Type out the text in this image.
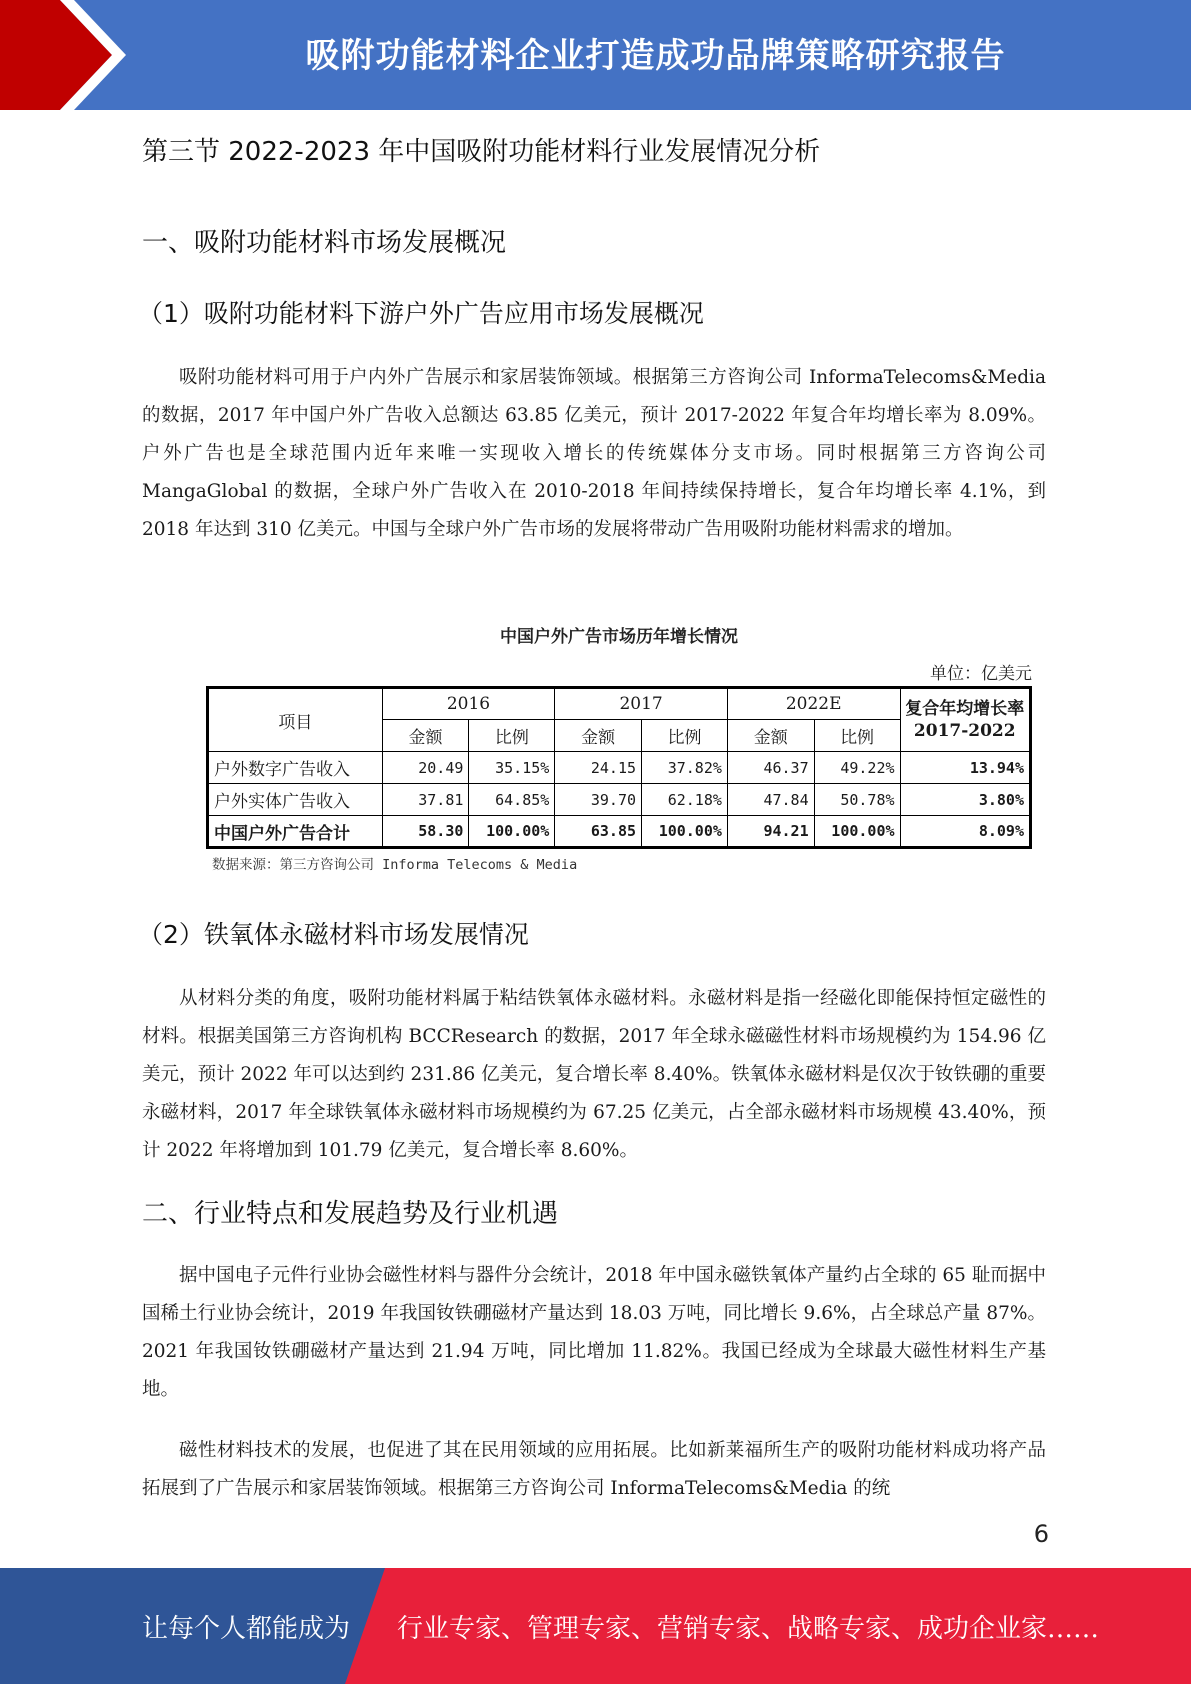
吸附功能材料企业打造成功品牌策略研究报告
第三节 2022-2023 年中国吸附功能材料行业发展情况分析
一、吸附功能材料市场发展概况
（1）吸附功能材料下游户外广告应用市场发展概况
吸附功能材料可用于户内外广告展示和家居装饰领域。根据第三方咨询公司 InformaTelecoms&Media 的数据，2017 年中国户外广告收入总额达 63.85 亿美元，预计 2017-2022 年复合年均增长率为 8.09%。户外广告也是全球范围内近年来唯一实现收入增长的传统媒体分支市场。同时根据第三方咨询公司 MangaGlobal 的数据，全球户外广告收入在 2010-2018 年间持续保持增长，复合年均增长率 4.1%，到 2018 年达到 310 亿美元。中国与全球户外广告市场的发展将带动广告用吸附功能材料需求的增加。
中国户外广告市场历年增长情况
单位：亿美元
项目	2016		2017		2022E		复合年均增长率
2017-2022
	金额	比例	金额	比例	金额	比例	
户外数字广告收入	20.49	35.15%	24.15	37.82%	46.37	49.22%	13.94%
户外实体广告收入	37.81	64.85%	39.70	62.18%	47.84	50.78%	3.80%
中国户外广告合计	58.30	100.00%	63.85	100.00%	94.21	100.00%	8.09%
数据来源：第三方咨询公司 Informa Telecoms & Media
（2）铁氧体永磁材料市场发展情况
从材料分类的角度，吸附功能材料属于粘结铁氧体永磁材料。永磁材料是指一经磁化即能保持恒定磁性的材料。根据美国第三方咨询机构 BCCResearch 的数据，2017 年全球永磁磁性材料市场规模约为 154.96 亿美元，预计 2022 年可以达到约 231.86 亿美元，复合增长率 8.40%。铁氧体永磁材料是仅次于钕铁硼的重要永磁材料，2017 年全球铁氧体永磁材料市场规模约为 67.25 亿美元，占全部永磁材料市场规模 43.40%，预计 2022 年将增加到 101.79 亿美元，复合增长率 8.60%。
二、行业特点和发展趋势及行业机遇
据中国电子元件行业协会磁性材料与器件分会统计，2018 年中国永磁铁氧体产量约占全球的 65 耻而据中国稀土行业协会统计，2019 年我国钕铁硼磁材产量达到 18.03 万吨，同比增长 9.6%，占全球总产量 87%。2021 年我国钕铁硼磁材产量达到 21.94 万吨，同比增加 11.82%。我国已经成为全球最大磁性材料生产基地。
磁性材料技术的发展，也促进了其在民用领域的应用拓展。比如新莱福所生产的吸附功能材料成功将产品拓展到了广告展示和家居装饰领域。根据第三方咨询公司 InformaTelecoms&Media 的统
6
让每个人都能成为 行业专家、管理专家、营销专家、战略专家、成功企业家……
